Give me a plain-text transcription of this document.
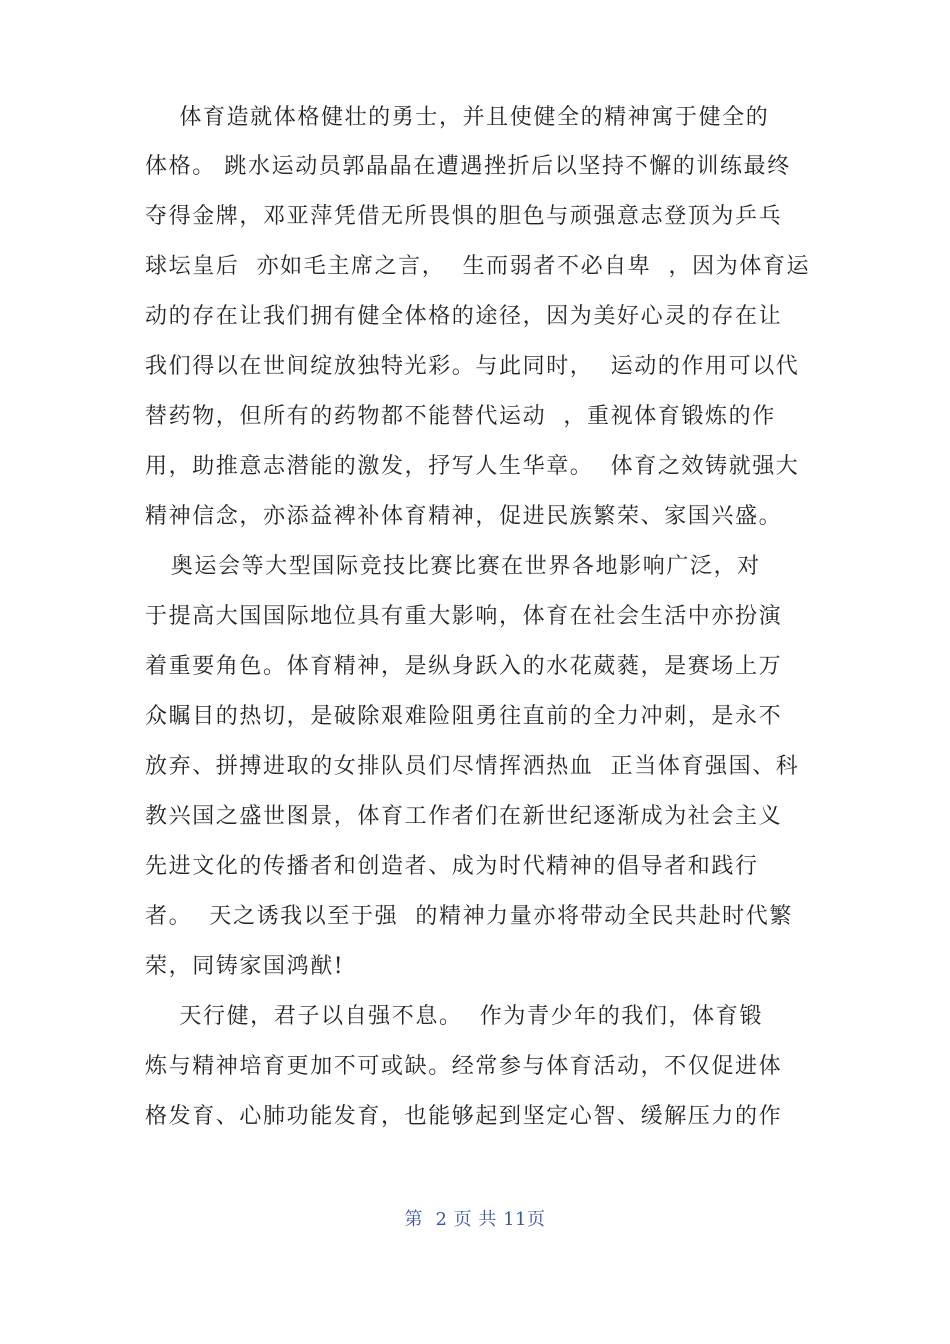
体育造就体格健壮的勇士，并且使健全的精神寓于健全的
体格。 跳水运动员郭晶晶在遭遇挫折后以坚持不懈的训练最终
夺得金牌，邓亚萍凭借无所畏惧的胆色与顽强意志登顶为乒乓
球坛皇后  亦如毛主席之言，  生而弱者不必自卑  ，因为体育运
动的存在让我们拥有健全体格的途径，因为美好心灵的存在让
我们得以在世间绽放独特光彩。与此同时，  运动的作用可以代
替药物，但所有的药物都不能替代运动  ，重视体育锻炼的作
用，助推意志潜能的激发，抒写人生华章。  体育之效铸就强大
精神信念，亦添益裨补体育精神，促进民族繁荣、家国兴盛。
奥运会等大型国际竞技比赛比赛在世界各地影响广泛，对
于提高大国国际地位具有重大影响，体育在社会生活中亦扮演
着重要角色。体育精神，是纵身跃入的水花葳蕤，是赛场上万
众瞩目的热切，是破除艰难险阻勇往直前的全力冲刺，是永不
放弃、拼搏进取的女排队员们尽情挥洒热血  正当体育强国、科
教兴国之盛世图景，体育工作者们在新世纪逐渐成为社会主义
先进文化的传播者和创造者、成为时代精神的倡导者和践行
者。  天之诱我以至于强  的精神力量亦将带动全民共赴时代繁
荣，同铸家国鸿猷!
天行健，君子以自强不息。  作为青少年的我们，体育锻
炼与精神培育更加不可或缺。经常参与体育活动，不仅促进体
格发育、心肺功能发育，也能够起到坚定心智、缓解压力的作
第  2 页 共 11页
